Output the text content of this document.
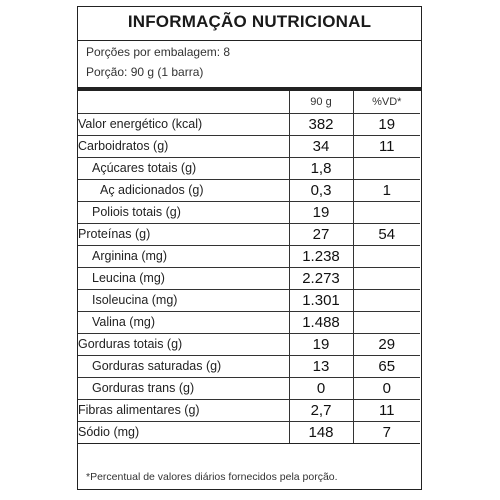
INFORMAÇÃO NUTRICIONAL
Porções por embalagem: 8
Porção: 90 g (1 barra)
	90 g	%VD*
Valor energético (kcal)	382	19
Carboidratos (g)	34	11
Açúcares totais (g)	1,8	
Aç adicionados (g)	0,3	1
Poliois totais (g)	19	
Proteínas (g)	27	54
Arginina (mg)	1.238	
Leucina (mg)	2.273	
Isoleucina (mg)	1.301	
Valina (mg)	1.488	
Gorduras totais (g)	19	29
Gorduras saturadas (g)	13	65
Gorduras trans (g)	0	0
Fibras alimentares (g)	2,7	11
Sódio (mg)	148	7
*Percentual de valores diários fornecidos pela porção.
